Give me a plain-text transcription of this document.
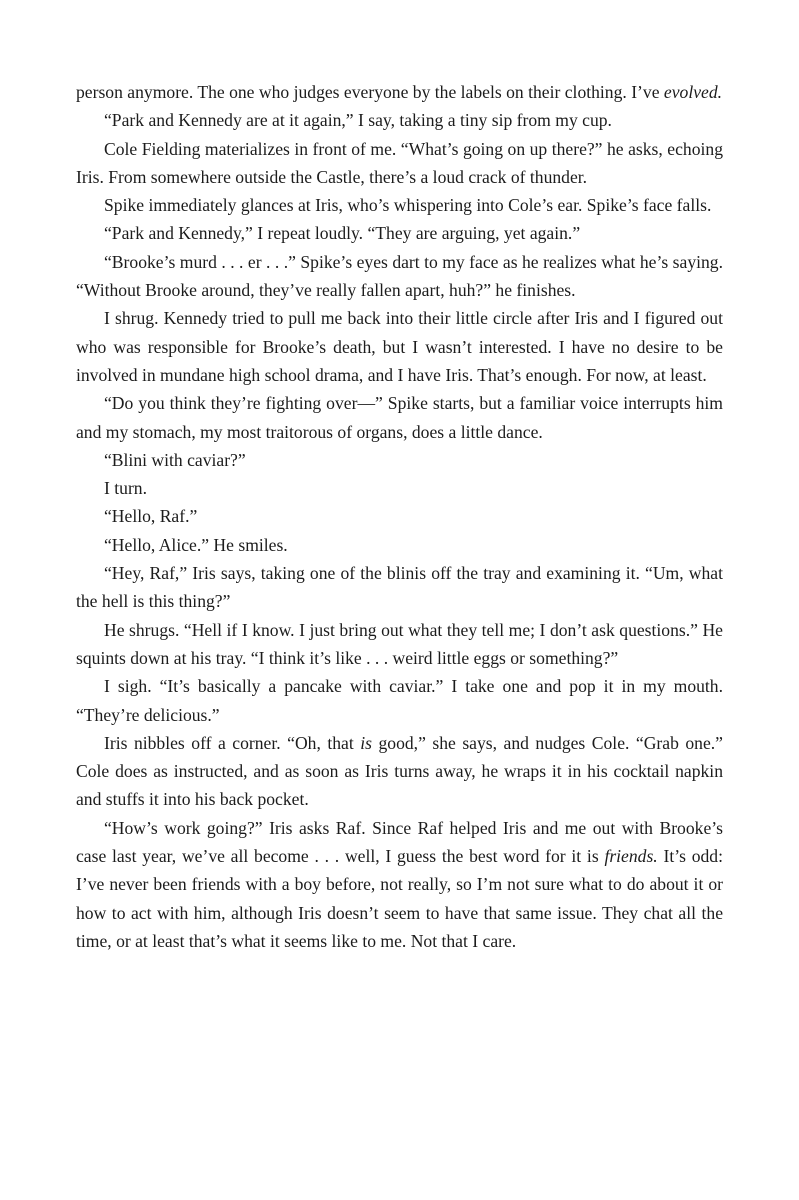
person anymore. The one who judges everyone by the labels on their clothing. I’ve evolved.

“Park and Kennedy are at it again,” I say, taking a tiny sip from my cup.

Cole Fielding materializes in front of me. “What’s going on up there?” he asks, echoing Iris. From somewhere outside the Castle, there’s a loud crack of thunder.

Spike immediately glances at Iris, who’s whispering into Cole’s ear. Spike’s face falls.

“Park and Kennedy,” I repeat loudly. “They are arguing, yet again.”

“Brooke’s murd . . . er . . .” Spike’s eyes dart to my face as he realizes what he’s saying. “Without Brooke around, they’ve really fallen apart, huh?” he finishes.

I shrug. Kennedy tried to pull me back into their little circle after Iris and I figured out who was responsible for Brooke’s death, but I wasn’t interested. I have no desire to be involved in mundane high school drama, and I have Iris. That’s enough. For now, at least.

“Do you think they’re fighting over—” Spike starts, but a familiar voice interrupts him and my stomach, my most traitorous of organs, does a little dance.

“Blini with caviar?”

I turn.

“Hello, Raf.”

“Hello, Alice.” He smiles.

“Hey, Raf,” Iris says, taking one of the blinis off the tray and examining it. “Um, what the hell is this thing?”

He shrugs. “Hell if I know. I just bring out what they tell me; I don’t ask questions.” He squints down at his tray. “I think it’s like . . . weird little eggs or something?”

I sigh. “It’s basically a pancake with caviar.” I take one and pop it in my mouth. “They’re delicious.”

Iris nibbles off a corner. “Oh, that is good,” she says, and nudges Cole. “Grab one.” Cole does as instructed, and as soon as Iris turns away, he wraps it in his cocktail napkin and stuffs it into his back pocket.

“How’s work going?” Iris asks Raf. Since Raf helped Iris and me out with Brooke’s case last year, we’ve all become . . . well, I guess the best word for it is friends. It’s odd: I’ve never been friends with a boy before, not really, so I’m not sure what to do about it or how to act with him, although Iris doesn’t seem to have that same issue. They chat all the time, or at least that’s what it seems like to me. Not that I care.
